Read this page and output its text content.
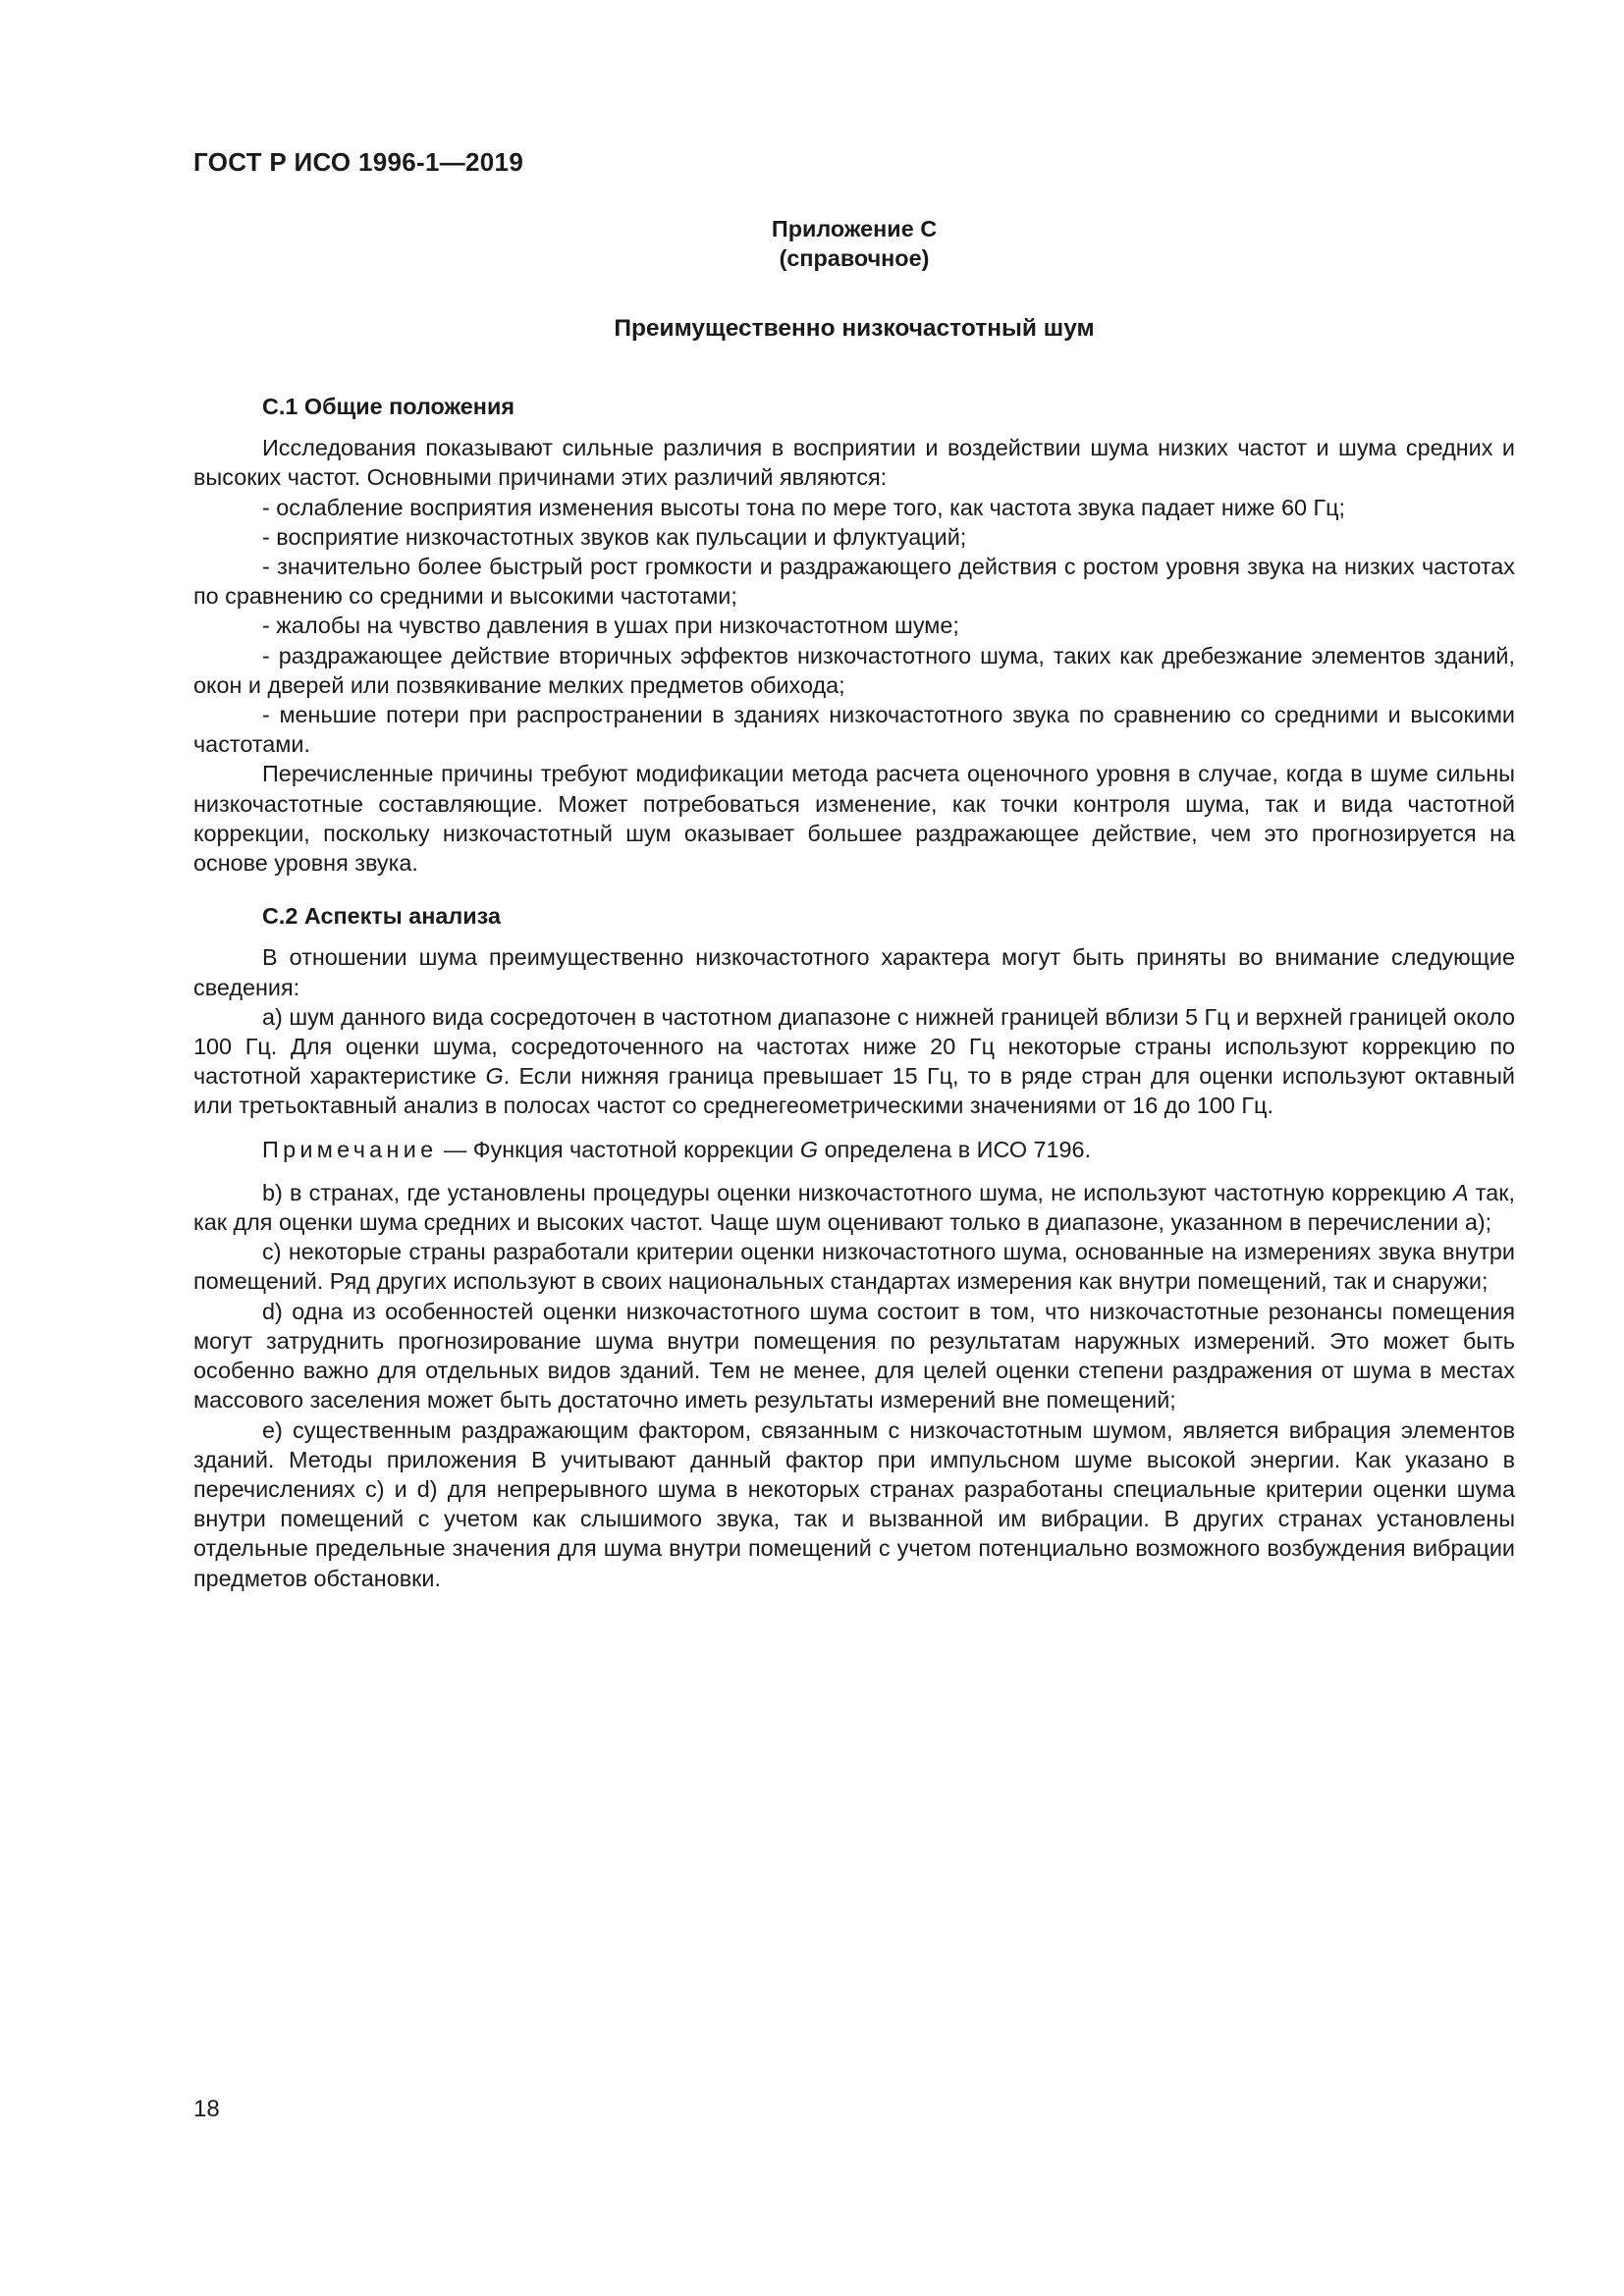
ГОСТ Р ИСО 1996-1—2019

Приложение С

(справочное)

Преимущественно низкочастотный шум

С.1 Общие положения

Исследования показывают сильные различия в восприятии и воздействии шума низких частот и шума средних и высоких частот. Основными причинами этих различий являются:

- ослабление восприятия изменения высоты тона по мере того, как частота звука падает ниже 60 Гц;

- восприятие низкочастотных звуков как пульсации и флуктуаций;

- значительно более быстрый рост громкости и раздражающего действия с ростом уровня звука на низких частотах по сравнению со средними и высокими частотами;

- жалобы на чувство давления в ушах при низкочастотном шуме;

- раздражающее действие вторичных эффектов низкочастотного шума, таких как дребезжание элементов зданий, окон и дверей или позвякивание мелких предметов обихода;

- меньшие потери при распространении в зданиях низкочастотного звука по сравнению со средними и высокими частотами.

Перечисленные причины требуют модификации метода расчета оценочного уровня в случае, когда в шуме сильны низкочастотные составляющие. Может потребоваться изменение, как точки контроля шума, так и вида частотной коррекции, поскольку низкочастотный шум оказывает большее раздражающее действие, чем это прогнозируется на основе уровня звука.

С.2 Аспекты анализа

В отношении шума преимущественно низкочастотного характера могут быть приняты во внимание следующие сведения:

а) шум данного вида сосредоточен в частотном диапазоне с нижней границей вблизи 5 Гц и верхней границей около 100 Гц. Для оценки шума, сосредоточенного на частотах ниже 20 Гц некоторые страны используют коррекцию по частотной характеристике G. Если нижняя граница превышает 15 Гц, то в ряде стран для оценки используют октавный или третьоктавный анализ в полосах частот со среднегеометрическими значениями от 16 до 100 Гц.

Примечание — Функция частотной коррекции G определена в ИСО 7196.

b) в странах, где установлены процедуры оценки низкочастотного шума, не используют частотную коррекцию A так, как для оценки шума средних и высоких частот. Чаще шум оценивают только в диапазоне, указанном в перечислении а);

с) некоторые страны разработали критерии оценки низкочастотного шума, основанные на измерениях звука внутри помещений. Ряд других используют в своих национальных стандартах измерения как внутри помещений, так и снаружи;

d) одна из особенностей оценки низкочастотного шума состоит в том, что низкочастотные резонансы помещения могут затруднить прогнозирование шума внутри помещения по результатам наружных измерений. Это может быть особенно важно для отдельных видов зданий. Тем не менее, для целей оценки степени раздражения от шума в местах массового заселения может быть достаточно иметь результаты измерений вне помещений;

е) существенным раздражающим фактором, связанным с низкочастотным шумом, является вибрация элементов зданий. Методы приложения В учитывают данный фактор при импульсном шуме высокой энергии. Как указано в перечислениях с) и d) для непрерывного шума в некоторых странах разработаны специальные критерии оценки шума внутри помещений с учетом как слышимого звука, так и вызванной им вибрации. В других странах установлены отдельные предельные значения для шума внутри помещений с учетом потенциально возможного возбуждения вибрации предметов обстановки.

18
